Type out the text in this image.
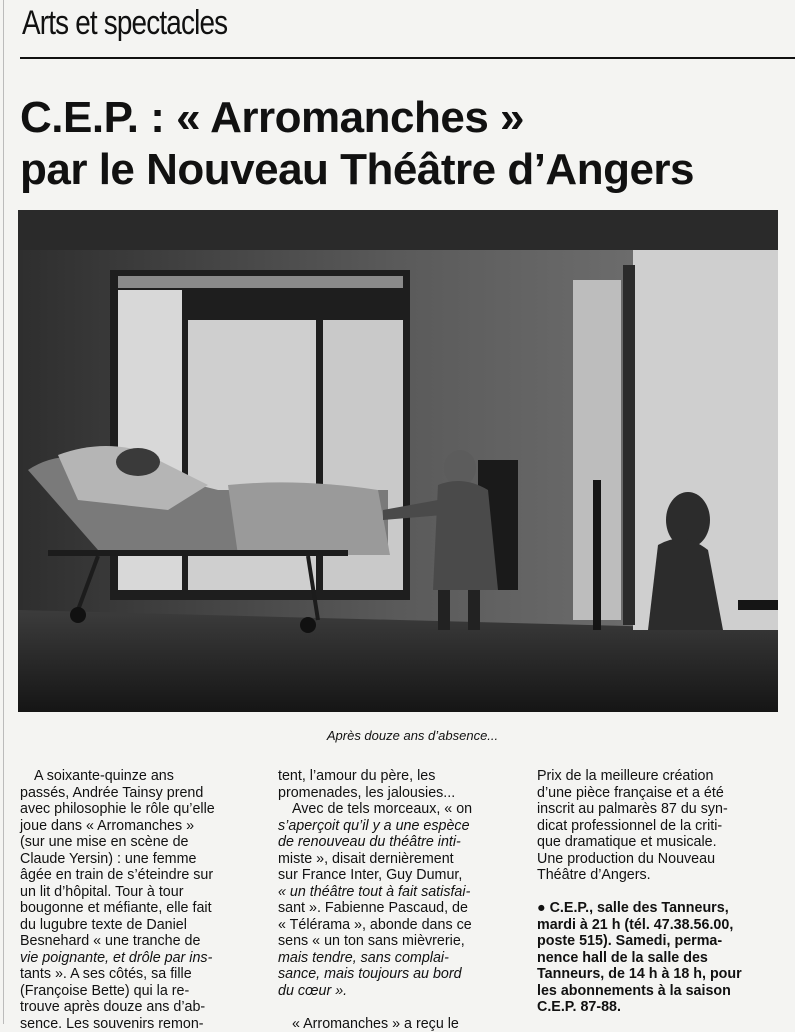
Arts et spectacles
C.E.P. : « Arromanches »
par le Nouveau Théâtre d’Angers
Après douze ans d’absence...
A soixante-quinze ans
passés, Andrée Tainsy prend
avec philosophie le rôle qu’elle
joue dans « Arromanches »
(sur une mise en scène de
Claude Yersin) : une femme
âgée en train de s’éteindre sur
un lit d’hôpital. Tour à tour
bougonne et méfiante, elle fait
du lugubre texte de Daniel
Besnehard « une tranche de
vie poignante, et drôle par ins-
tants ». A ses côtés, sa fille
(Françoise Bette) qui la re-
trouve après douze ans d’ab-
sence. Les souvenirs remon-
tent, l’amour du père, les
promenades, les jalousies...
Avec de tels morceaux, « on
s’aperçoit qu’il y a une espèce
de renouveau du théâtre inti-
miste », disait dernièrement
sur France Inter, Guy Dumur,
« un théâtre tout à fait satisfai-
sant ». Fabienne Pascaud, de
« Télérama », abonde dans ce
sens « un ton sans mièvrerie,
mais tendre, sans complai-
sance, mais toujours au bord
du cœur ».

« Arromanches » a reçu le
Prix de la meilleure création
d’une pièce française et a été
inscrit au palmarès 87 du syn-
dicat professionnel de la criti-
que dramatique et musicale.
Une production du Nouveau
Théâtre d’Angers.

● C.E.P., salle des Tanneurs,
mardi à 21 h (tél. 47.38.56.00,
poste 515). Samedi, perma-
nence hall de la salle des
Tanneurs, de 14 h à 18 h, pour
les abonnements à la saison
C.E.P. 87-88.
